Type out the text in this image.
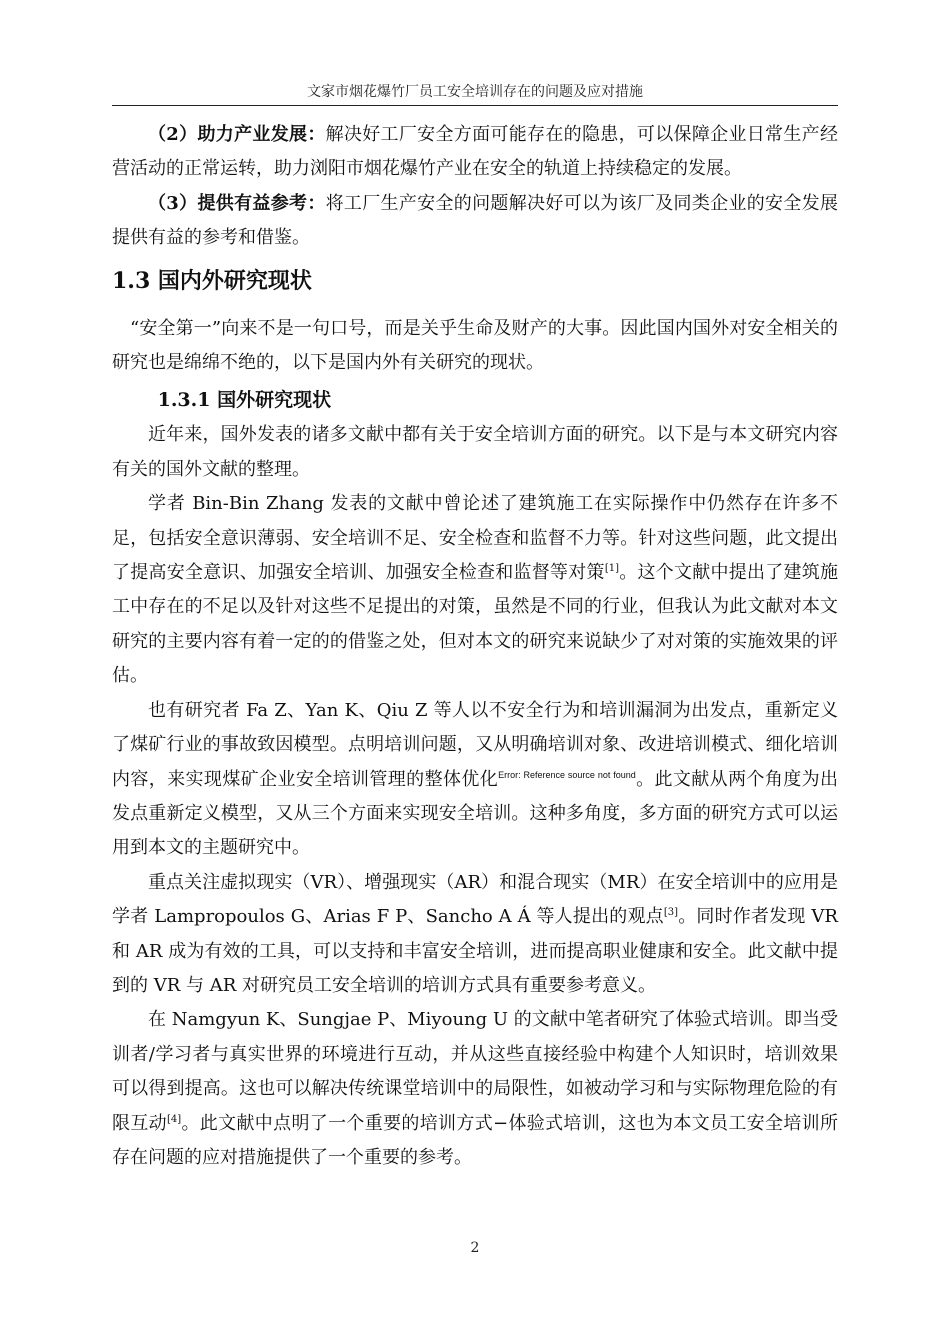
文家市烟花爆竹厂员工安全培训存在的问题及应对措施

（2）助力产业发展：解决好工厂安全方面可能存在的隐患，可以保障企业日常生产经营活动的正常运转，助力浏阳市烟花爆竹产业在安全的轨道上持续稳定的发展。

（3）提供有益参考：将工厂生产安全的问题解决好可以为该厂及同类企业的安全发展提供有益的参考和借鉴。

1.3 国内外研究现状

“安全第一”向来不是一句口号，而是关乎生命及财产的大事。因此国内国外对安全相关的研究也是绵绵不绝的，以下是国内外有关研究的现状。

1.3.1 国外研究现状

近年来，国外发表的诸多文献中都有关于安全培训方面的研究。以下是与本文研究内容有关的国外文献的整理。

学者 Bin-Bin Zhang 发表的文献中曾论述了建筑施工在实际操作中仍然存在许多不足，包括安全意识薄弱、安全培训不足、安全检查和监督不力等。针对这些问题，此文提出了提高安全意识、加强安全培训、加强安全检查和监督等对策[1]。这个文献中提出了建筑施工中存在的不足以及针对这些不足提出的对策，虽然是不同的行业，但我认为此文献对本文研究的主要内容有着一定的的借鉴之处，但对本文的研究来说缺少了对对策的实施效果的评估。

也有研究者 Fa Z、Yan K、Qiu Z 等人以不安全行为和培训漏洞为出发点，重新定义了煤矿行业的事故致因模型。点明培训问题，又从明确培训对象、改进培训模式、细化培训内容，来实现煤矿企业安全培训管理的整体优化$^{Error: Reference source not found}$。此文献从两个角度为出发点重新定义模型，又从三个方面来实现安全培训。这种多角度，多方面的研究方式可以运用到本文的主题研究中。

重点关注虚拟现实（VR）、增强现实（AR）和混合现实（MR）在安全培训中的应用是学者 Lampropoulos G、Arias F P、Sancho A Á 等人提出的观点[3]。同时作者发现 VR 和 AR 成为有效的工具，可以支持和丰富安全培训，进而提高职业健康和安全。此文献中提到的 VR 与 AR 对研究员工安全培训的培训方式具有重要参考意义。

在 Namgyun K、Sungjae P、Miyoung U 的文献中笔者研究了体验式培训。即当受训者/学习者与真实世界的环境进行互动，并从这些直接经验中构建个人知识时，培训效果可以得到提高。这也可以解决传统课堂培训中的局限性，如被动学习和与实际物理危险的有限互动[4]。此文献中点明了一个重要的培训方式−体验式培训，这也为本文员工安全培训所存在问题的应对措施提供了一个重要的参考。

2
